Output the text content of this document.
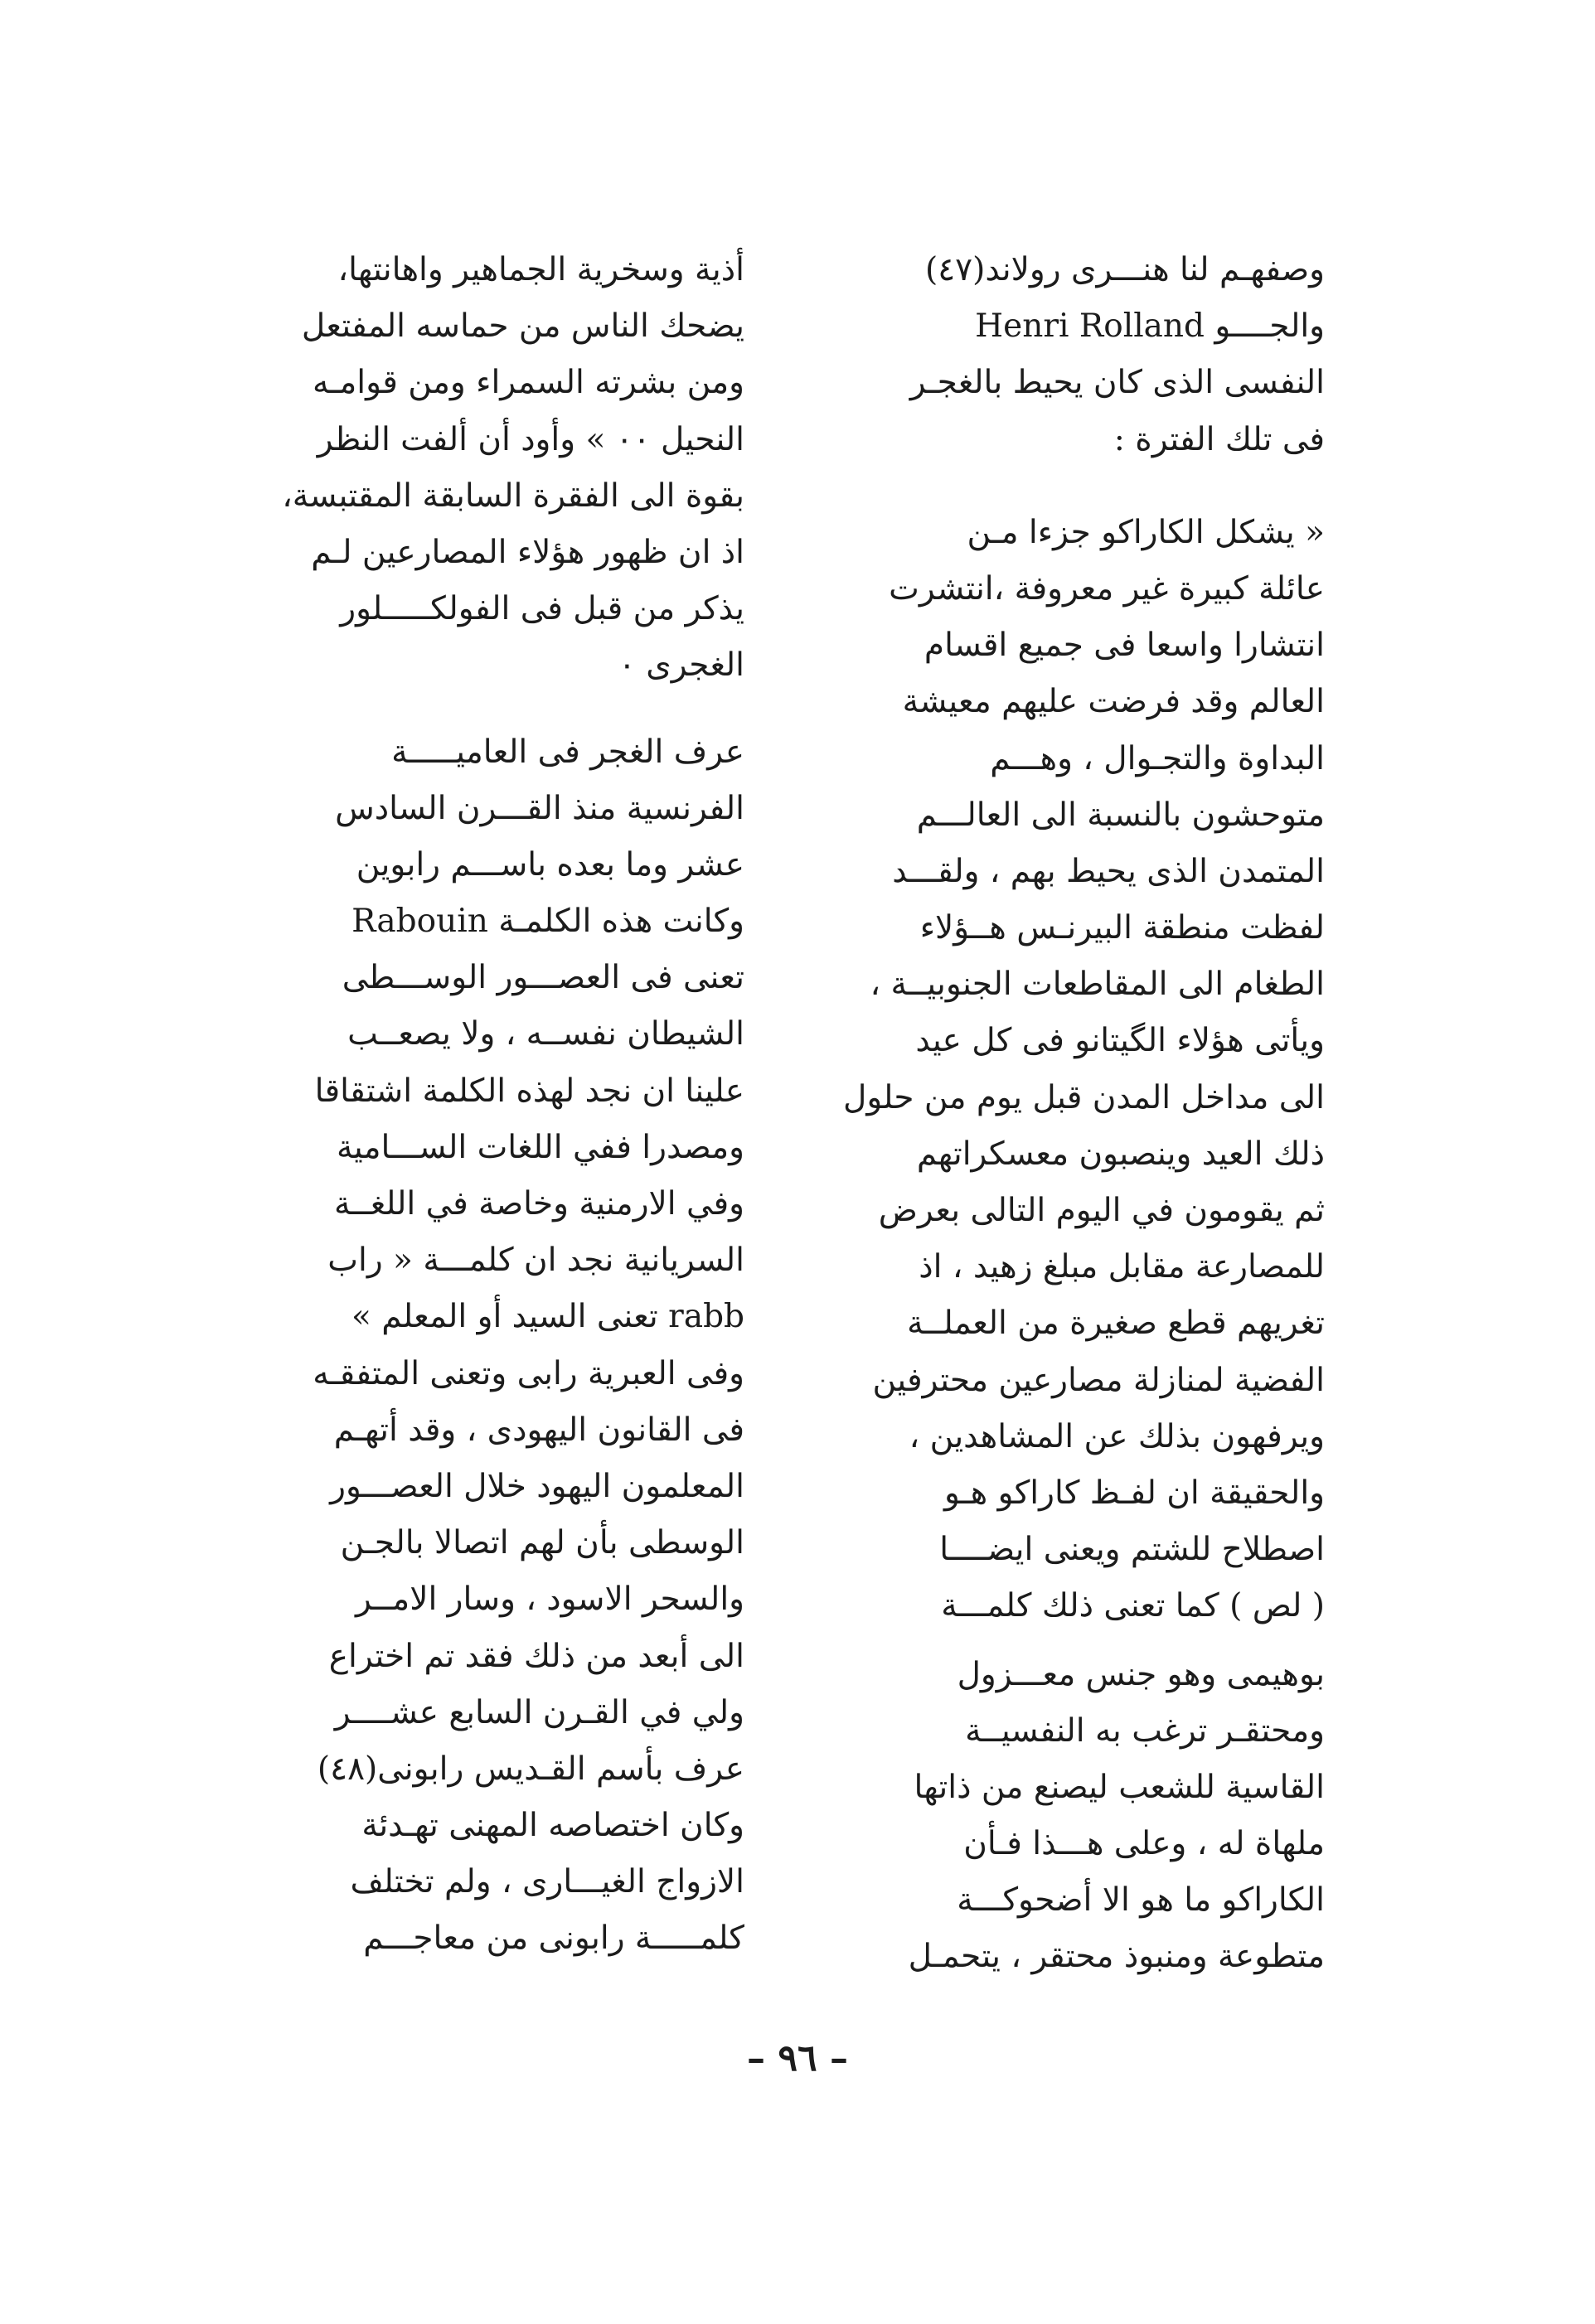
وصفهـم لنا هنـــرى رولاند(٤٧)
والجــــو Henri Rolland
النفسى الذى كان يحيط بالغجـر
فى تلك الفترة :

« يشكل الكاراكو جزءا مـن
عائلة كبيرة غير معروفة ،انتشرت
انتشارا واسعا فى جميع اقسام
العالم وقد فرضت عليهم معيشة
البداوة والتجـوال ، وهـــم
متوحشون بالنسبة الى العالـــم
المتمدن الذى يحيط بهم ، ولقـــد
لفظت منطقة البيرنـس هــؤلاء
الطغام الى المقاطعات الجنوبيــة ،
ويأتى هؤلاء الگيتانو فى كل عيد
الى مداخل المدن قبل يوم من حلول
ذلك العيد وينصبون معسكراتهم
ثم يقومون في اليوم التالى بعرض
للمصارعة مقابل مبلغ زهيد ، اذ
تغريهم قطع صغيرة من العملــة
الفضية لمنازلة مصارعين محترفين
ويرفهون بذلك عن المشاهدين ،
والحقيقة ان لفـظ كاراكو هـو
اصطلاح للشتم ويعنى ايضــــا
( لص ) كما تعنى ذلك كلمـــة

بوهيمى وهو جنس معـــزول
ومحتقـر ترغب به النفسيــة
القاسية للشعب ليصنع من ذاتها
ملهاة له ، وعلى هـــذا فـأن
الكاراكو ما هو الا أضحوكـــة
متطوعة ومنبوذ محتقر ، يتحمـل

أذية وسخرية الجماهير واهانتها،
يضحك الناس من حماسه المفتعل
ومن بشرته السمراء ومن قوامـه
النحيل ٠٠ » وأود أن ألفت النظر
بقوة الى الفقرة السابقة المقتبسة،
اذ ان ظهور هؤلاء المصارعين لـم
يذكر من قبل فى الفولكـــــلور
الغجرى ٠

عرف الغجر فى العاميـــــة
الفرنسية منذ القـــرن السادس
عشر وما بعده باســـم رابوين
وكانت هذه الكلمـة Rabouin
تعنى فى العصـــور الوســـطى
الشيطان نفســه ، ولا يصعــب
علينا ان نجد لهذه الكلمة اشتقاقا
ومصدرا ففي اللغات الســـامية
وفي الارمنية وخاصة في اللغــة
السريانية نجد ان كلمـــة « راب
rabb تعنى السيد أو المعلم »
وفى العبرية رابى وتعنى المتفقـه
فى القانون اليهودى ، وقد أتهـم
المعلمون اليهود خلال العصـــور
الوسطى بأن لهم اتصالا بالجـن
والسحر الاسود ، وسار الامــر
الى أبعد من ذلك فقد تم اختراع
ولي في القـرن السابع عشــــر
عرف بأسم القـديس رابونى(٤٨)
وكان اختصاصه المهنى تهـدئة
الازواج الغيـــارى ، ولم تختلف
كلمـــــة رابونى من معاجـــم

– ٩٦ –
